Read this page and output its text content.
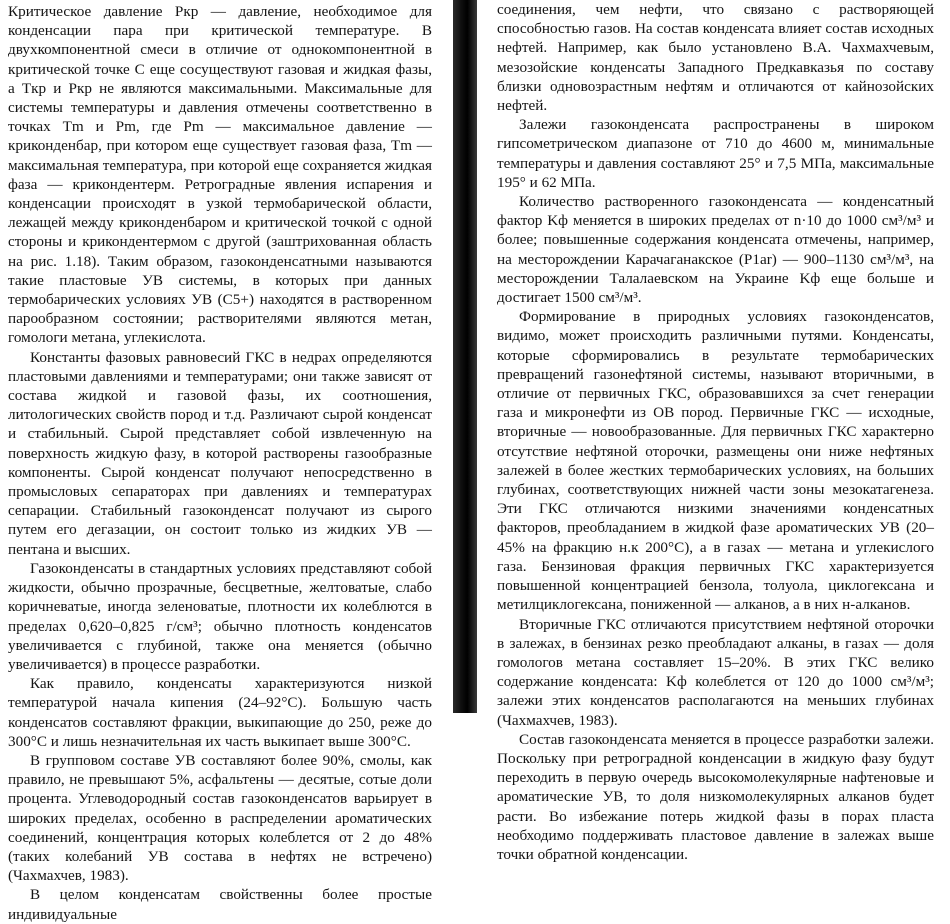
Критическое давление Pкр — давление, необходимое для конденсации пара при критической температуре. В двухкомпонентной смеси в отличие от однокомпонентной в критической точке C еще сосуществуют газовая и жидкая фазы, а Tкр и Pкр не являются максимальными. Максимальные для системы температуры и давления отмечены соответственно в точках Tm и Pm, где Pm — максимальное давление — криконденбар, при котором еще существует газовая фаза, Tm — максимальная температура, при которой еще сохраняется жидкая фаза — крикондентерм. Ретроградные явления испарения и конденсации происходят в узкой термобарической области, лежащей между криконденбаром и критической точкой с одной стороны и крикондентермом с другой (заштрихованная область на рис. 1.18). Таким образом, газоконденсатными называются такие пластовые УВ системы, в которых при данных термобарических условиях УВ (C5+) находятся в растворенном парообразном состоянии; растворителями являются метан, гомологи метана, углекислота.

Константы фазовых равновесий ГКС в недрах определяются пластовыми давлениями и температурами; они также зависят от состава жидкой и газовой фазы, их соотношения, литологических свойств пород и т.д. Различают сырой конденсат и стабильный. Сырой представляет собой извлеченную на поверхность жидкую фазу, в которой растворены газообразные компоненты. Сырой конденсат получают непосредственно в промысловых сепараторах при давлениях и температурах сепарации. Стабильный газоконденсат получают из сырого путем его дегазации, он состоит только из жидких УВ — пентана и высших.

Газоконденсаты в стандартных условиях представляют собой жидкости, обычно прозрачные, бесцветные, желтоватые, слабо коричневатые, иногда зеленоватые, плотности их колеблются в пределах 0,620–0,825 г/см³; обычно плотность конденсатов увеличивается с глубиной, также она меняется (обычно увеличивается) в процессе разработки.

Как правило, конденсаты характеризуются низкой температурой начала кипения (24–92°C). Большую часть конденсатов составляют фракции, выкипающие до 250, реже до 300°C и лишь незначительная их часть выкипает выше 300°C.

В групповом составе УВ составляют более 90%, смолы, как правило, не превышают 5%, асфальтены — десятые, сотые доли процента. Углеводородный состав газоконденсатов варьирует в широких пределах, особенно в распределении ароматических соединений, концентрация которых колеблется от 2 до 48% (таких колебаний УВ состава в нефтях не встречено) (Чахмахчев, 1983).

В целом конденсатам свойственны более простые индивидуальные

соединения, чем нефти, что связано с растворяющей способностью газов. На состав конденсата влияет состав исходных нефтей. Например, как было установлено В.А. Чахмахчевым, мезозойские конденсаты Западного Предкавказья по составу близки одновозрастным нефтям и отличаются от кайнозойских нефтей.

Залежи газоконденсата распространены в широком гипсометрическом диапазоне от 710 до 4600 м, минимальные температуры и давления составляют 25° и 7,5 МПа, максимальные 195° и 62 МПа.

Количество растворенного газоконденсата — конденсатный фактор Kф меняется в широких пределах от n·10 до 1000 см³/м³ и более; повышенные содержания конденсата отмечены, например, на месторождении Карачаганакское (P1ar) — 900–1130 см³/м³, на месторождении Талалаевском на Украине Kф еще больше и достигает 1500 см³/м³.

Формирование в природных условиях газоконденсатов, видимо, может происходить различными путями. Конденсаты, которые сформировались в результате термобарических превращений газонефтяной системы, называют вторичными, в отличие от первичных ГКС, образовавшихся за счет генерации газа и микронефти из ОВ пород. Первичные ГКС — исходные, вторичные — новообразованные. Для первичных ГКС характерно отсутствие нефтяной оторочки, размещены они ниже нефтяных залежей в более жестких термобарических условиях, на больших глубинах, соответствующих нижней части зоны мезокатагенеза. Эти ГКС отличаются низкими значениями конденсатных факторов, преобладанием в жидкой фазе ароматических УВ (20–45% на фракцию н.к 200°C), а в газах — метана и углекислого газа. Бензиновая фракция первичных ГКС характеризуется повышенной концентрацией бензола, толуола, циклогексана и метилциклогексана, пониженной — алканов, а в них н-алканов.

Вторичные ГКС отличаются присутствием нефтяной оторочки в залежах, в бензинах резко преобладают алканы, в газах — доля гомологов метана составляет 15–20%. В этих ГКС велико содержание конденсата: Kф колеблется от 120 до 1000 см³/м³; залежи этих конденсатов располагаются на меньших глубинах (Чахмахчев, 1983).

Состав газоконденсата меняется в процессе разработки залежи. Поскольку при ретроградной конденсации в жидкую фазу будут переходить в первую очередь высокомолекулярные нафтеновые и ароматические УВ, то доля низкомолекулярных алканов будет расти. Во избежание потерь жидкой фазы в порах пласта необходимо поддерживать пластовое давление в залежах выше точки обратной конденсации.
